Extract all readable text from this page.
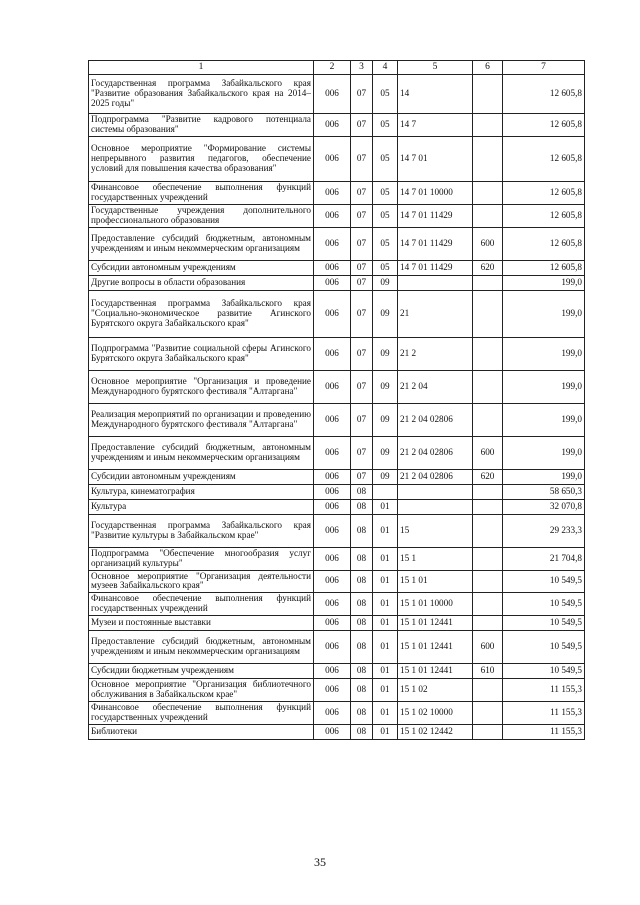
1	2	3	4	5	6	7
Государственная программа Забайкальского края "Развитие образования Забайкальского края на 2014–2025 годы"	006	07	05	14		12 605,8
Подпрограмма "Развитие кадрового потенциала системы образования"	006	07	05	14 7		12 605,8
Основное мероприятие "Формирование системы непрерывного развития педагогов, обеспечение условий для повышения качества образования"	006	07	05	14 7 01		12 605,8
Финансовое обеспечение выполнения функций государственных учреждений	006	07	05	14 7 01 10000		12 605,8
Государственные учреждения дополнительного профессионального образования	006	07	05	14 7 01 11429		12 605,8
Предоставление субсидий бюджетным, автономным учреждениям и иным некоммерческим организациям	006	07	05	14 7 01 11429	600	12 605,8
Субсидии автономным учреждениям	006	07	05	14 7 01 11429	620	12 605,8
Другие вопросы в области образования	006	07	09			199,0
Государственная программа Забайкальского края "Социально-экономическое развитие Агинского Бурятского округа Забайкальского края"	006	07	09	21		199,0
Подпрограмма "Развитие социальной сферы Агинского Бурятского округа Забайкальского края"	006	07	09	21 2		199,0
Основное мероприятие "Организация и проведение Международного бурятского фестиваля "Алтаргана"	006	07	09	21 2 04		199,0
Реализация мероприятий по организации и проведению Международного бурятского фестиваля "Алтаргана"	006	07	09	21 2 04 02806		199,0
Предоставление субсидий бюджетным, автономным учреждениям и иным некоммерческим организациям	006	07	09	21 2 04 02806	600	199,0
Субсидии автономным учреждениям	006	07	09	21 2 04 02806	620	199,0
Культура, кинематография	006	08				58 650,3
Культура	006	08	01			32 070,8
Государственная программа Забайкальского края "Развитие культуры в Забайкальском крае"	006	08	01	15		29 233,3
Подпрограмма "Обеспечение многообразия услуг организаций культуры"	006	08	01	15 1		21 704,8
Основное мероприятие "Организация деятельности музеев Забайкальского края"	006	08	01	15 1 01		10 549,5
Финансовое обеспечение выполнения функций государственных учреждений	006	08	01	15 1 01 10000		10 549,5
Музеи и постоянные выставки	006	08	01	15 1 01 12441		10 549,5
Предоставление субсидий бюджетным, автономным учреждениям и иным некоммерческим организациям	006	08	01	15 1 01 12441	600	10 549,5
Субсидии бюджетным учреждениям	006	08	01	15 1 01 12441	610	10 549,5
Основное мероприятие "Организация библиотечного обслуживания в Забайкальском крае"	006	08	01	15 1 02		11 155,3
Финансовое обеспечение выполнения функций государственных учреждений	006	08	01	15 1 02 10000		11 155,3
Библиотеки	006	08	01	15 1 02 12442		11 155,3
35
